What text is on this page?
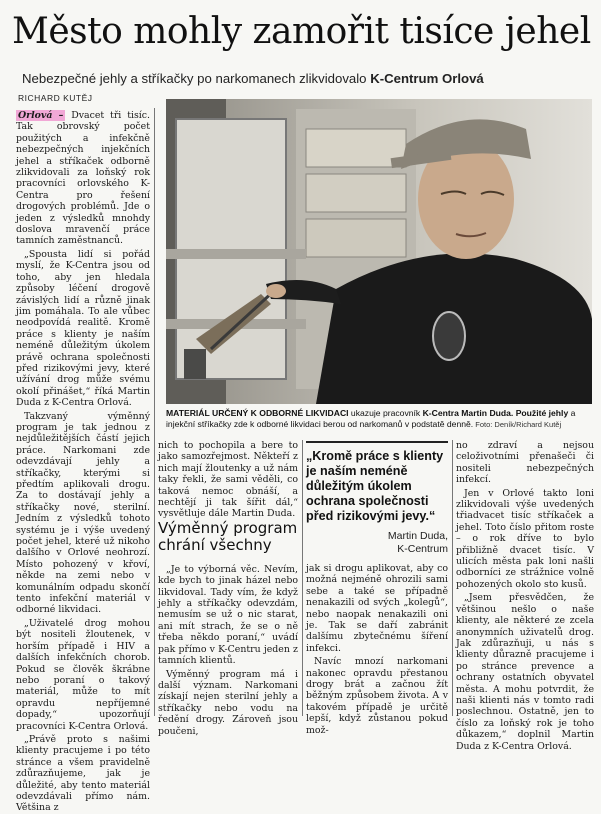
Město mohly zamořit tisíce jehel
Nebezpečné jehly a stříkačky po narkomanech zlikvidovalo K-Centrum Orlová
RICHARD KUTĚJ

Orlová – Dvacet tři tisíc. Tak obrovský počet použitých a infekčně nebezpečných injekčních jehel a stříkaček odborně zlikvidovali za loňský rok pracovníci orlovského K-Centra pro řešení drogových problémů. Jde o jeden z výsledků mnohdy doslova mravenčí práce tamních zaměstnanců.

„Spousta lidí si pořád myslí, že K-Centra jsou od toho, aby jen hledala způsoby léčení drogově závislých lidí a různě jinak jim pomáhala. To ale vůbec neodpovídá realitě. Kromě práce s klienty je naším neméně důležitým úkolem právě ochrana společnosti před rizikovými jevy, které užívání drog může svému okolí přinášet,“ říká Martin Duda z K-Centra Orlová.

Takzvaný výměnný program je tak jednou z nejdůležitějších částí jejich práce. Narkomani zde odevzdávají jehly a stříkačky, kterými si předtím aplikovali drogu. Za to dostávají jehly a stříkačky nové, sterilní. Jedním z výsledků tohoto systému je i výše uvedený počet jehel, které už nikoho dalšího v Orlové neohrozí. Místo pohozený v křoví, někde na zemi nebo v komunálním odpadu skončí tento infekční materiál v odborné likvidaci.

„Uživatelé drog mohou být nositeli žloutenek, v horším případě i HIV a dalších infekčních chorob. Pokud se člověk škrábne nebo poraní o takový materiál, může to mít opravdu nepříjemné dopady,“ upozorňují pracovníci K-Centra Orlová.

„Právě proto s našimi klienty pracujeme i po této stránce a všem pravidelně zdůrazňujeme, jak je důležité, aby tento materiál odevzdávali přímo nám. Většina z

MATERIÁL URČENÝ K ODBORNÉ LIKVIDACI ukazuje pracovník K-Centra Martin Duda. Použité jehly a injekční stříkačky zde k odborné likvidaci berou od narkomanů v podstatě denně. Foto: Deník/Richard Kutěj

nich to pochopila a bere to jako samozřejmost. Někteří z nich mají žloutenky a už nám taky řekli, že sami věděli, co taková nemoc obnáší, a nechtějí ji tak šířit dál,“ vysvětluje dále Martin Duda.

„Je to výborná věc. Nevím, kde bych to jinak házel nebo likvidoval. Tady vím, že když jehly a stříkačky odevzdám, nemusím se už o nic starat, ani mít strach, že se o ně třeba někdo poraní,“ uvádí pak přímo v K-Centru jeden z tamních klientů.

Výměnný program má i další význam. Narkomani získají nejen sterilní jehly a stříkačky nebo vodu na ředění drogy. Zároveň jsou poučeni,

Výměnný program chrání všechny
„Kromě práce s klienty je naším neméně důležitým úkolem ochrana společnosti před rizikovými jevy.“
Martin Duda,
K-Centrum

jak si drogu aplikovat, aby co možná nejméně ohrozili sami sebe a také se případně nenakazili od svých „kolegů“, nebo naopak nenakazili oni je. Tak se daří zabránit dalšímu zbytečnému šíření infekci.

Navíc mnozí narkomani nakonec opravdu přestanou drogy brát a začnou žít běžným způsobem života. A v takovém případě je určitě lepší, když zůstanou pokud mož-

no zdraví a nejsou celoživotními přenašeči či nositeli nebezpečných infekcí.

Jen v Orlové takto loni zlikvidovali výše uvedených třiadvacet tisíc stříkaček a jehel. Toto číslo přitom roste – o rok dříve to bylo přibližně dvacet tisíc. V ulicích města pak loni našli odborníci ze strážnice volně pohozených okolo sto kusů.

„Jsem přesvědčen, že většinou nešlo o naše klienty, ale některé ze zcela anonymních uživatelů drog. Jak zdůrazňuji, u nás s klienty důrazně pracujeme i po stránce prevence a ochrany ostatních obyvatel města. A mohu potvrdit, že naši klienti nás v tomto radi poslechnou. Ostatně, jen to číslo za loňský rok je toho důkazem,“ doplnil Martin Duda z K-Centra Orlová.
